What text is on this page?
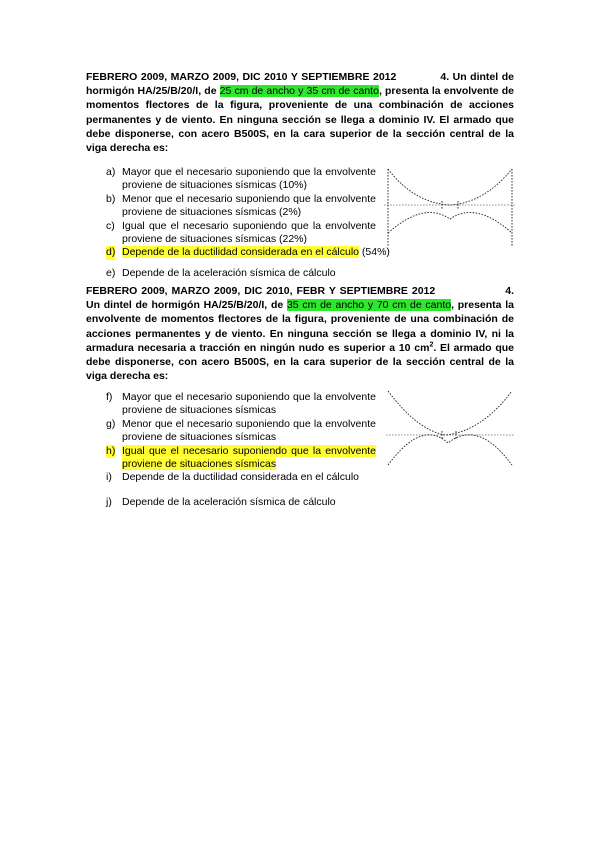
FEBRERO 2009, MARZO 2009, DIC 2010 Y SEPTIEMBRE 2012	4. Un dintel de hormigón HA/25/B/20/I, de 25 cm de ancho y 35 cm de canto, presenta la envolvente de momentos flectores de la figura, proveniente de una combinación de acciones permanentes y de viento. En ninguna sección se llega a dominio IV. El armado que debe disponerse, con acero B500S, en la cara superior de la sección central de la viga derecha es:
a) Mayor que el necesario suponiendo que la envolvente proviene de situaciones sísmicas (10%)
b) Menor que el necesario suponiendo que la envolvente proviene de situaciones sísmicas (2%)
c) Igual que el necesario suponiendo que la envolvente proviene de situaciones sísmicas (22%)
d) Depende de la ductilidad considerada en el cálculo (54%)
e) Depende de la aceleración sísmica de cálculo
FEBRERO 2009, MARZO 2009, DIC 2010, FEBR Y SEPTIEMBRE 2012	4. Un dintel de hormigón HA/25/B/20/I, de 35 cm de ancho y 70 cm de canto, presenta la envolvente de momentos flectores de la figura, proveniente de una combinación de acciones permanentes y de viento. En ninguna sección se llega a dominio IV, ni la armadura necesaria a tracción en ningún nudo es superior a 10 $cm^2$. El armado que debe disponerse, con acero B500S, en la cara superior de la sección central de la viga derecha es:
f) Mayor que el necesario suponiendo que la envolvente proviene de situaciones sísmicas
g) Menor que el necesario suponiendo que la envolvente proviene de situaciones sísmicas
h) Igual que el necesario suponiendo que la envolvente proviene de situaciones sísmicas
i) Depende de la ductilidad considerada en el cálculo
j) Depende de la aceleración sísmica de cálculo
